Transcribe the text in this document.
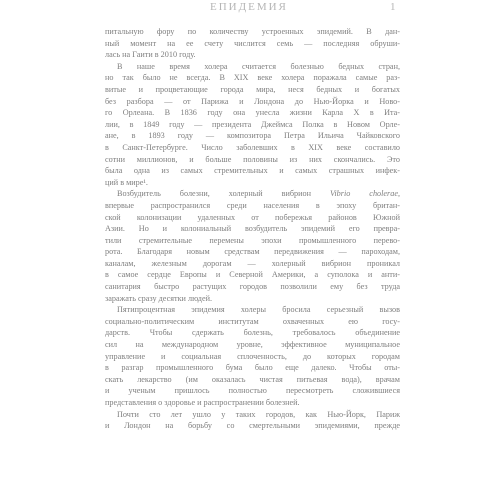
ЕПИДЕМИЯ	1
питальную фору по количеству устроенных эпидемий. В дан-
ный момент на ее счету числится семь — последняя обруши-
лась на Гаити в 2010 году.
В наше время холера считается болезнью бедных стран,
но так было не всегда. В XIX веке холера поражала самые раз-
витые и процветающие города мира, неся бедных и богатых
без разбора — от Парижа и Лондона до Нью-Йорка и Ново-
го Орлеана. В 1836 году она унесла жизни Карла X в Итa-
лии, в 1849 году — президента Джеймса Полка в Новом Орле-
ане, в 1893 году — композитора Петра Ильича Чайковского
в Санкт-Петербурге. Число заболевших в XIX веке составило
сотни миллионов, и больше половины из них скончались. Это
была одна из самых стремительных и самых страшных инфек-
ций в мире¹.
Возбудитель болезни, холерный вибрион Vibrio cholerae,
впервые распространился среди населения в эпоху британ-
ской колонизации удаленных от побережья районов Южной
Азии. Но и колониальный возбудитель эпидемий его превра-
тили стремительные перемены эпохи промышленного перево-
рота. Благодаря новым средствам передвижения — пароходам,
каналам, железным дорогам — холерный вибрион проникал
в самое сердце Европы и Северной Америки, а суполока и анти-
санитария быстро растущих городов позволили ему без труда
заражать сразу десятки людей.
Пятипроцентная эпидемия холеры бросила серьезный вызов
социально-политическим институтам охваченных ею госу-
дарств. Чтобы сдержать болезнь, требовалось объединение
сил на международном уровне, эффективное муниципальное
управление и социальная сплоченность, до которых городам
в разгар промышленного бума было еще далеко. Чтобы оты-
скать лекарство (им оказалась чистая питьевая вода), врачам
и ученым пришлось полностью пересмотреть сложившиеся
представления о здоровье и распространении болезней.
Почти сто лет ушло у таких городов, как Нью-Йорк, Париж
и Лондон на борьбу со смертельными эпидемиями, прежде
